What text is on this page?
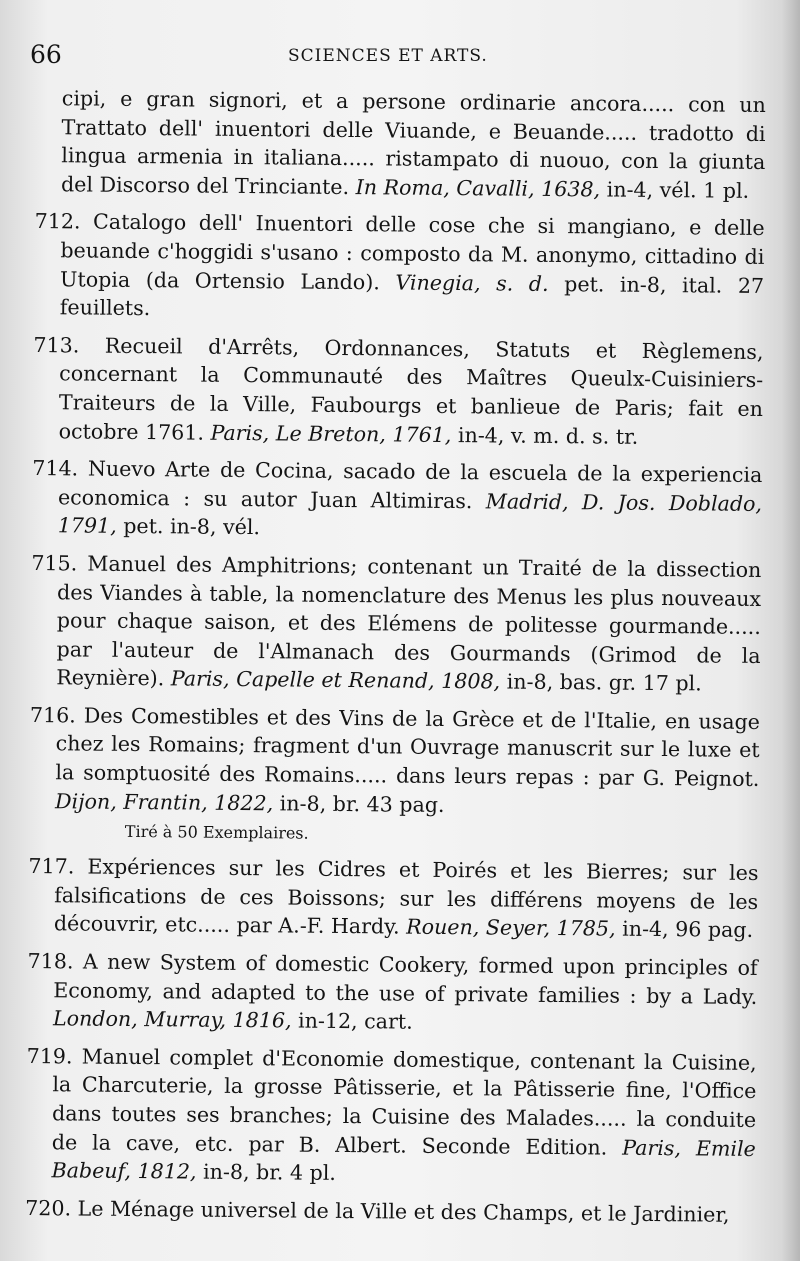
66	SCIENCES ET ARTS.

cipi, e gran signori, et a persone ordinarie ancora..... con un Trattato dell' inuentori delle Viuande, e Beuande..... tradotto di lingua armenia in italiana..... ristampato di nuouo, con la giunta del Discorso del Trinciante. In Roma, Cavalli, 1638, in-4, vél. 1 pl.

712. Catalogo dell' Inuentori delle cose che si mangiano, e delle beuande c'hoggidi s'usano : composto da M. anonymo, cittadino di Utopia (da Ortensio Lando). Vinegia, s. d. pet. in-8, ital. 27 feuillets.

713. Recueil d'Arrêts, Ordonnances, Statuts et Règlemens, concernant la Communauté des Maîtres Queulx-Cuisiniers-Traiteurs de la Ville, Faubourgs et banlieue de Paris; fait en octobre 1761. Paris, Le Breton, 1761, in-4, v. m. d. s. tr.

714. Nuevo Arte de Cocina, sacado de la escuela de la experiencia economica : su autor Juan Altimiras. Madrid, D. Jos. Doblado, 1791, pet. in-8, vél.

715. Manuel des Amphitrions; contenant un Traité de la dissection des Viandes à table, la nomenclature des Menus les plus nouveaux pour chaque saison, et des Elémens de politesse gourmande..... par l'auteur de l'Almanach des Gourmands (Grimod de la Reynière). Paris, Capelle et Renand, 1808, in-8, bas. gr. 17 pl.

716. Des Comestibles et des Vins de la Grèce et de l'Italie, en usage chez les Romains; fragment d'un Ouvrage manuscrit sur le luxe et la somptuosité des Romains..... dans leurs repas : par G. Peignot. Dijon, Frantin, 1822, in-8, br. 43 pag.

Tiré à 50 Exemplaires.

717. Expériences sur les Cidres et Poirés et les Bierres; sur les falsifications de ces Boissons; sur les différens moyens de les découvrir, etc..... par A.-F. Hardy. Rouen, Seyer, 1785, in-4, 96 pag.

718. A new System of domestic Cookery, formed upon principles of Economy, and adapted to the use of private families : by a Lady. London, Murray, 1816, in-12, cart.

719. Manuel complet d'Economie domestique, contenant la Cuisine, la Charcuterie, la grosse Pâtisserie, et la Pâtisserie fine, l'Office dans toutes ses branches; la Cuisine des Malades..... la conduite de la cave, etc. par B. Albert. Seconde Edition. Paris, Emile Babeuf, 1812, in-8, br. 4 pl.

720. Le Ménage universel de la Ville et des Champs, et le Jardinier,
